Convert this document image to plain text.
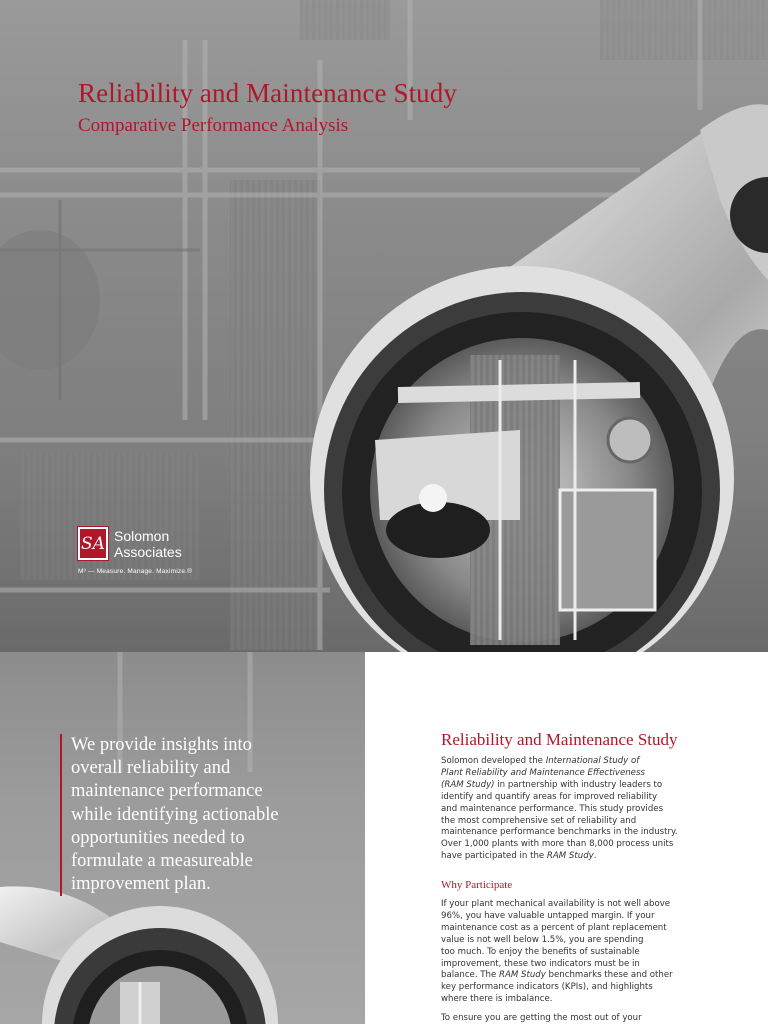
Reliability and Maintenance Study
Comparative Performance Analysis
SA Solomon
Associates
M³ — Measure. Manage. Maximize.®
We provide insights into
overall reliability and
maintenance performance
while identifying actionable
opportunities needed to
formulate a measureable
improvement plan.
Reliability and Maintenance Study

Solomon developed the International Study of
Plant Reliability and Maintenance Effectiveness
(RAM Study) in partnership with industry leaders to
identify and quantify areas for improved reliability
and maintenance performance. This study provides
the most comprehensive set of reliability and
maintenance performance benchmarks in the industry.
Over 1,000 plants with more than 8,000 process units
have participated in the RAM Study.

Why Participate

If your plant mechanical availability is not well above
96%, you have valuable untapped margin. If your
maintenance cost as a percent of plant replacement
value is not well below 1.5%, you are spending
too much. To enjoy the benefits of sustainable
improvement, these two indicators must be in
balance. The RAM Study benchmarks these and other
key performance indicators (KPIs), and highlights
where there is imbalance.

To ensure you are getting the most out of your
